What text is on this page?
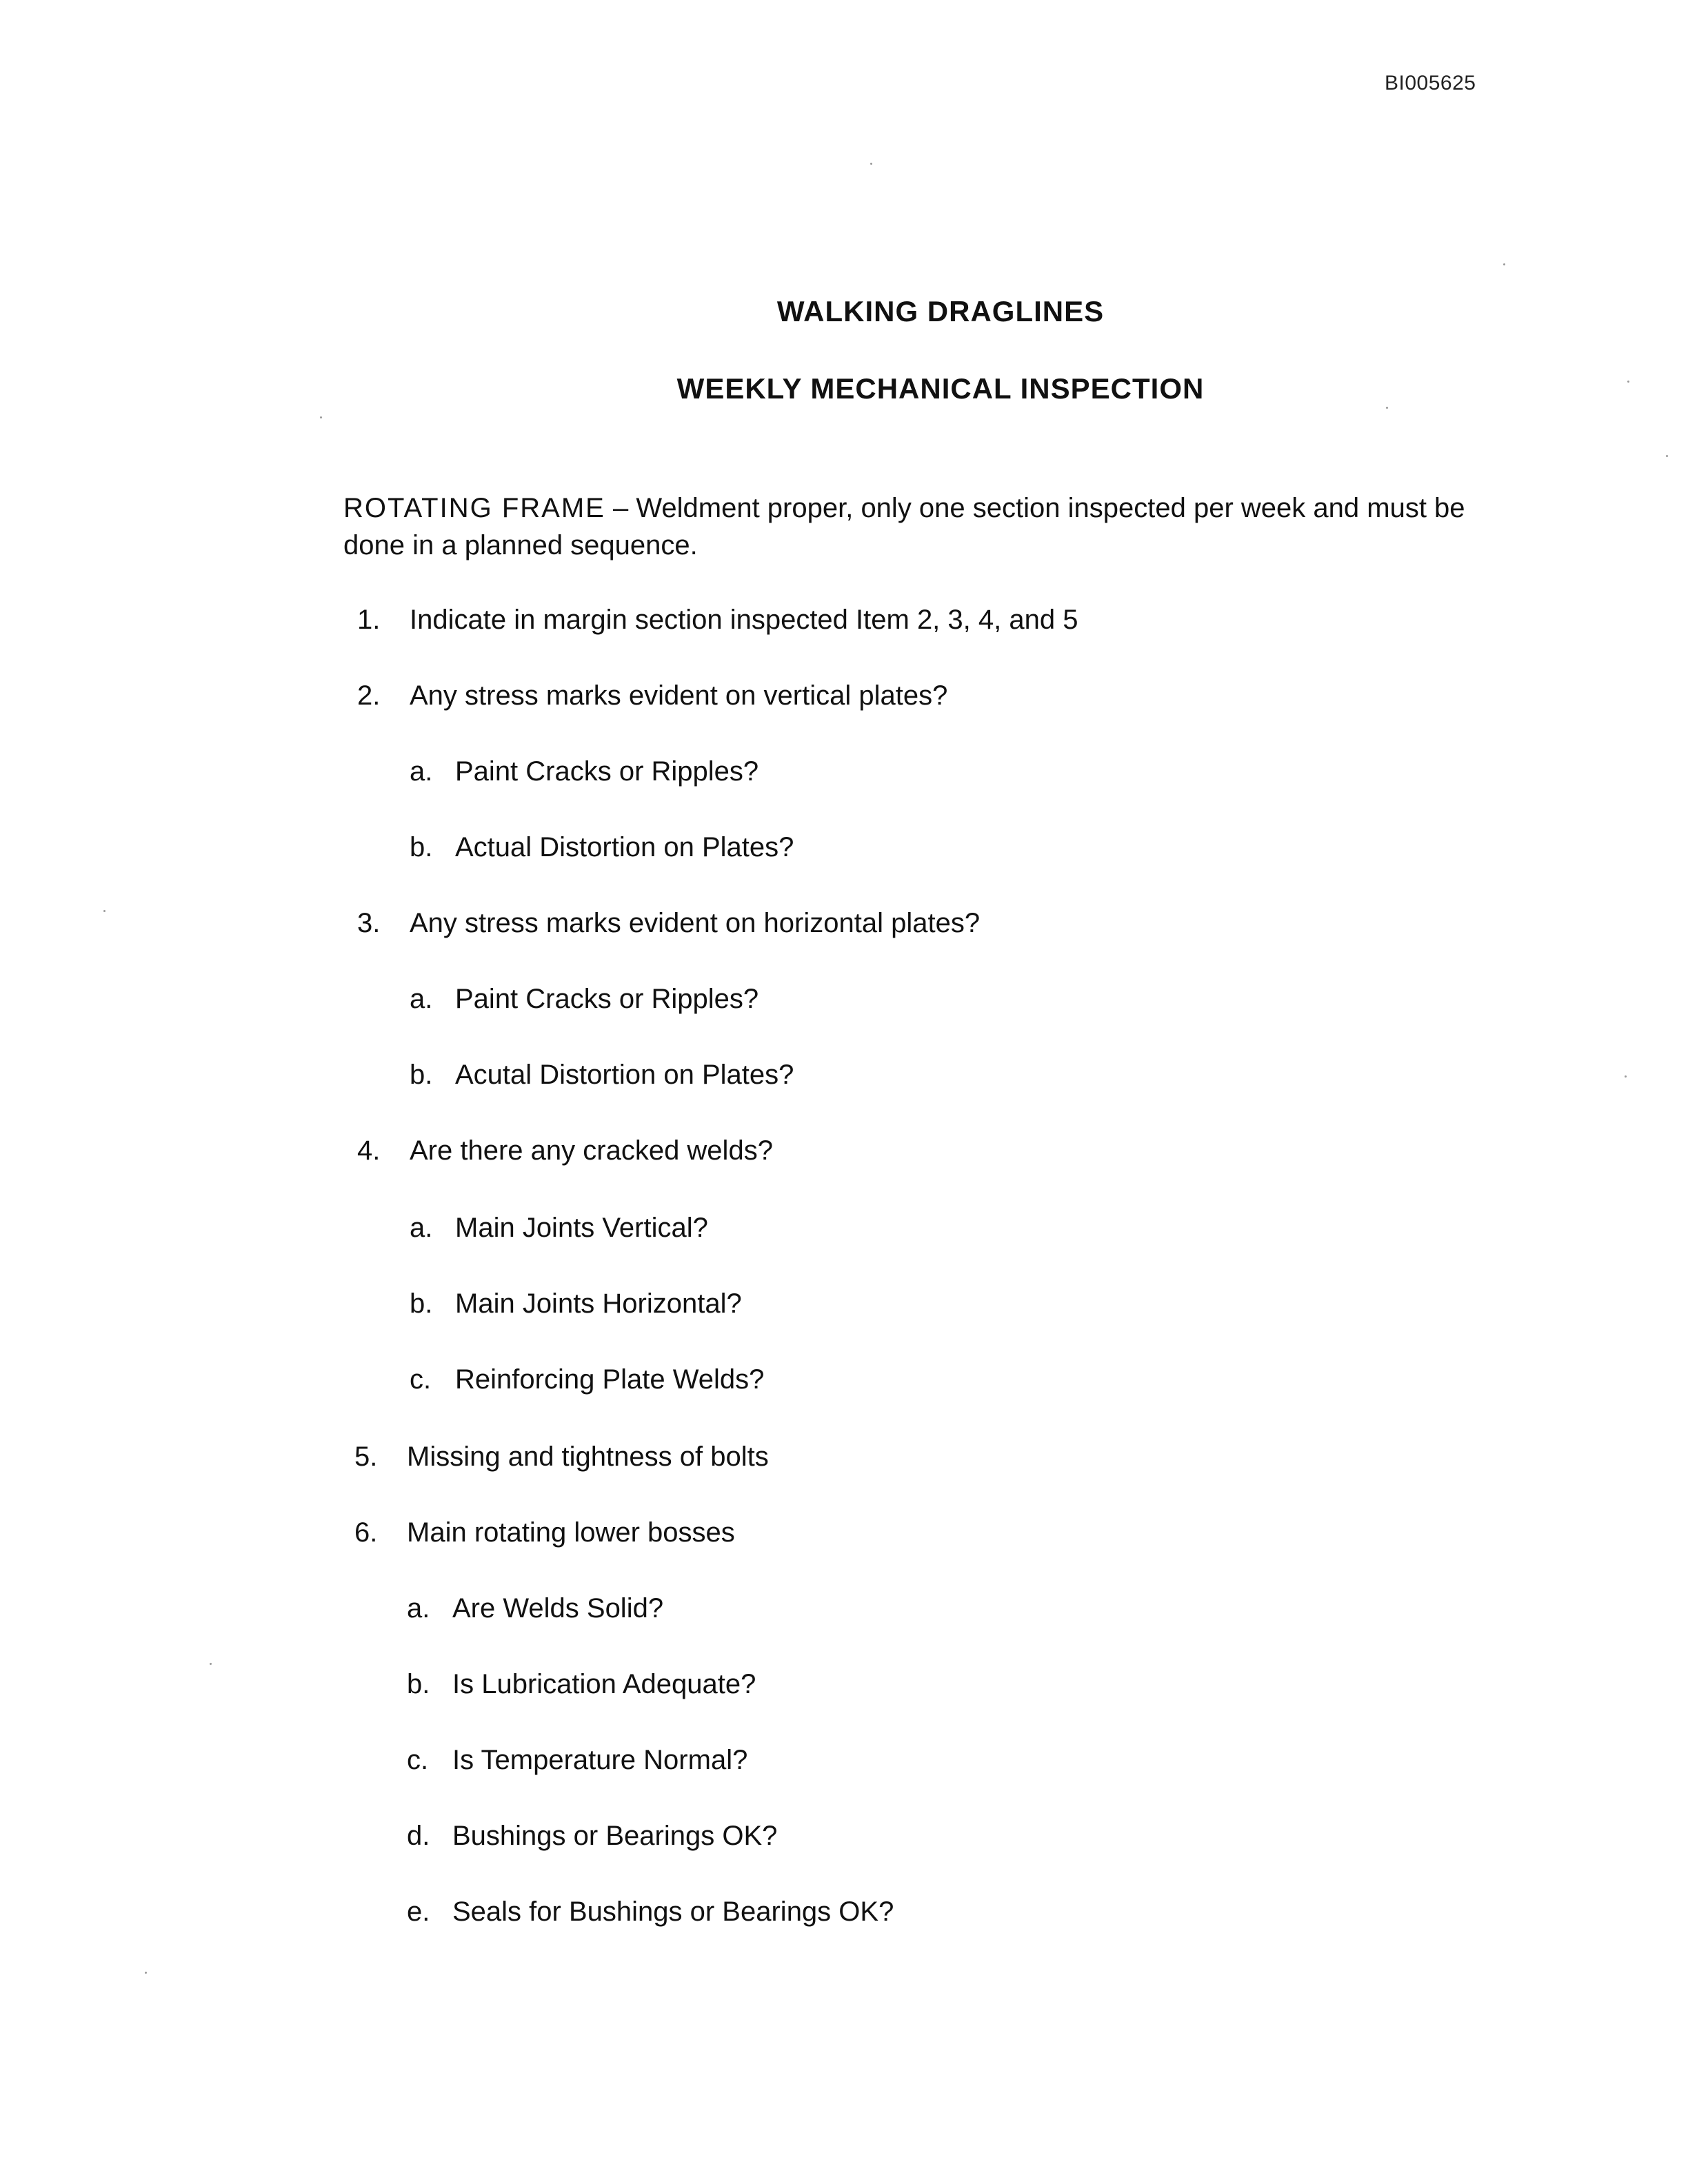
BI005625
WALKING DRAGLINES
WEEKLY MECHANICAL INSPECTION
ROTATING FRAME – Weldment proper, only one section inspected per week and must be done in a planned sequence.
1. Indicate in margin section inspected Item 2, 3, 4, and 5
2. Any stress marks evident on vertical plates?
a. Paint Cracks or Ripples?
b. Actual Distortion on Plates?
3. Any stress marks evident on horizontal plates?
a. Paint Cracks or Ripples?
b. Acutal Distortion on Plates?
4. Are there any cracked welds?
a. Main Joints Vertical?
b. Main Joints Horizontal?
c. Reinforcing Plate Welds?
5. Missing and tightness of bolts
6. Main rotating lower bosses
a. Are Welds Solid?
b. Is Lubrication Adequate?
c. Is Temperature Normal?
d. Bushings or Bearings OK?
e. Seals for Bushings or Bearings OK?
